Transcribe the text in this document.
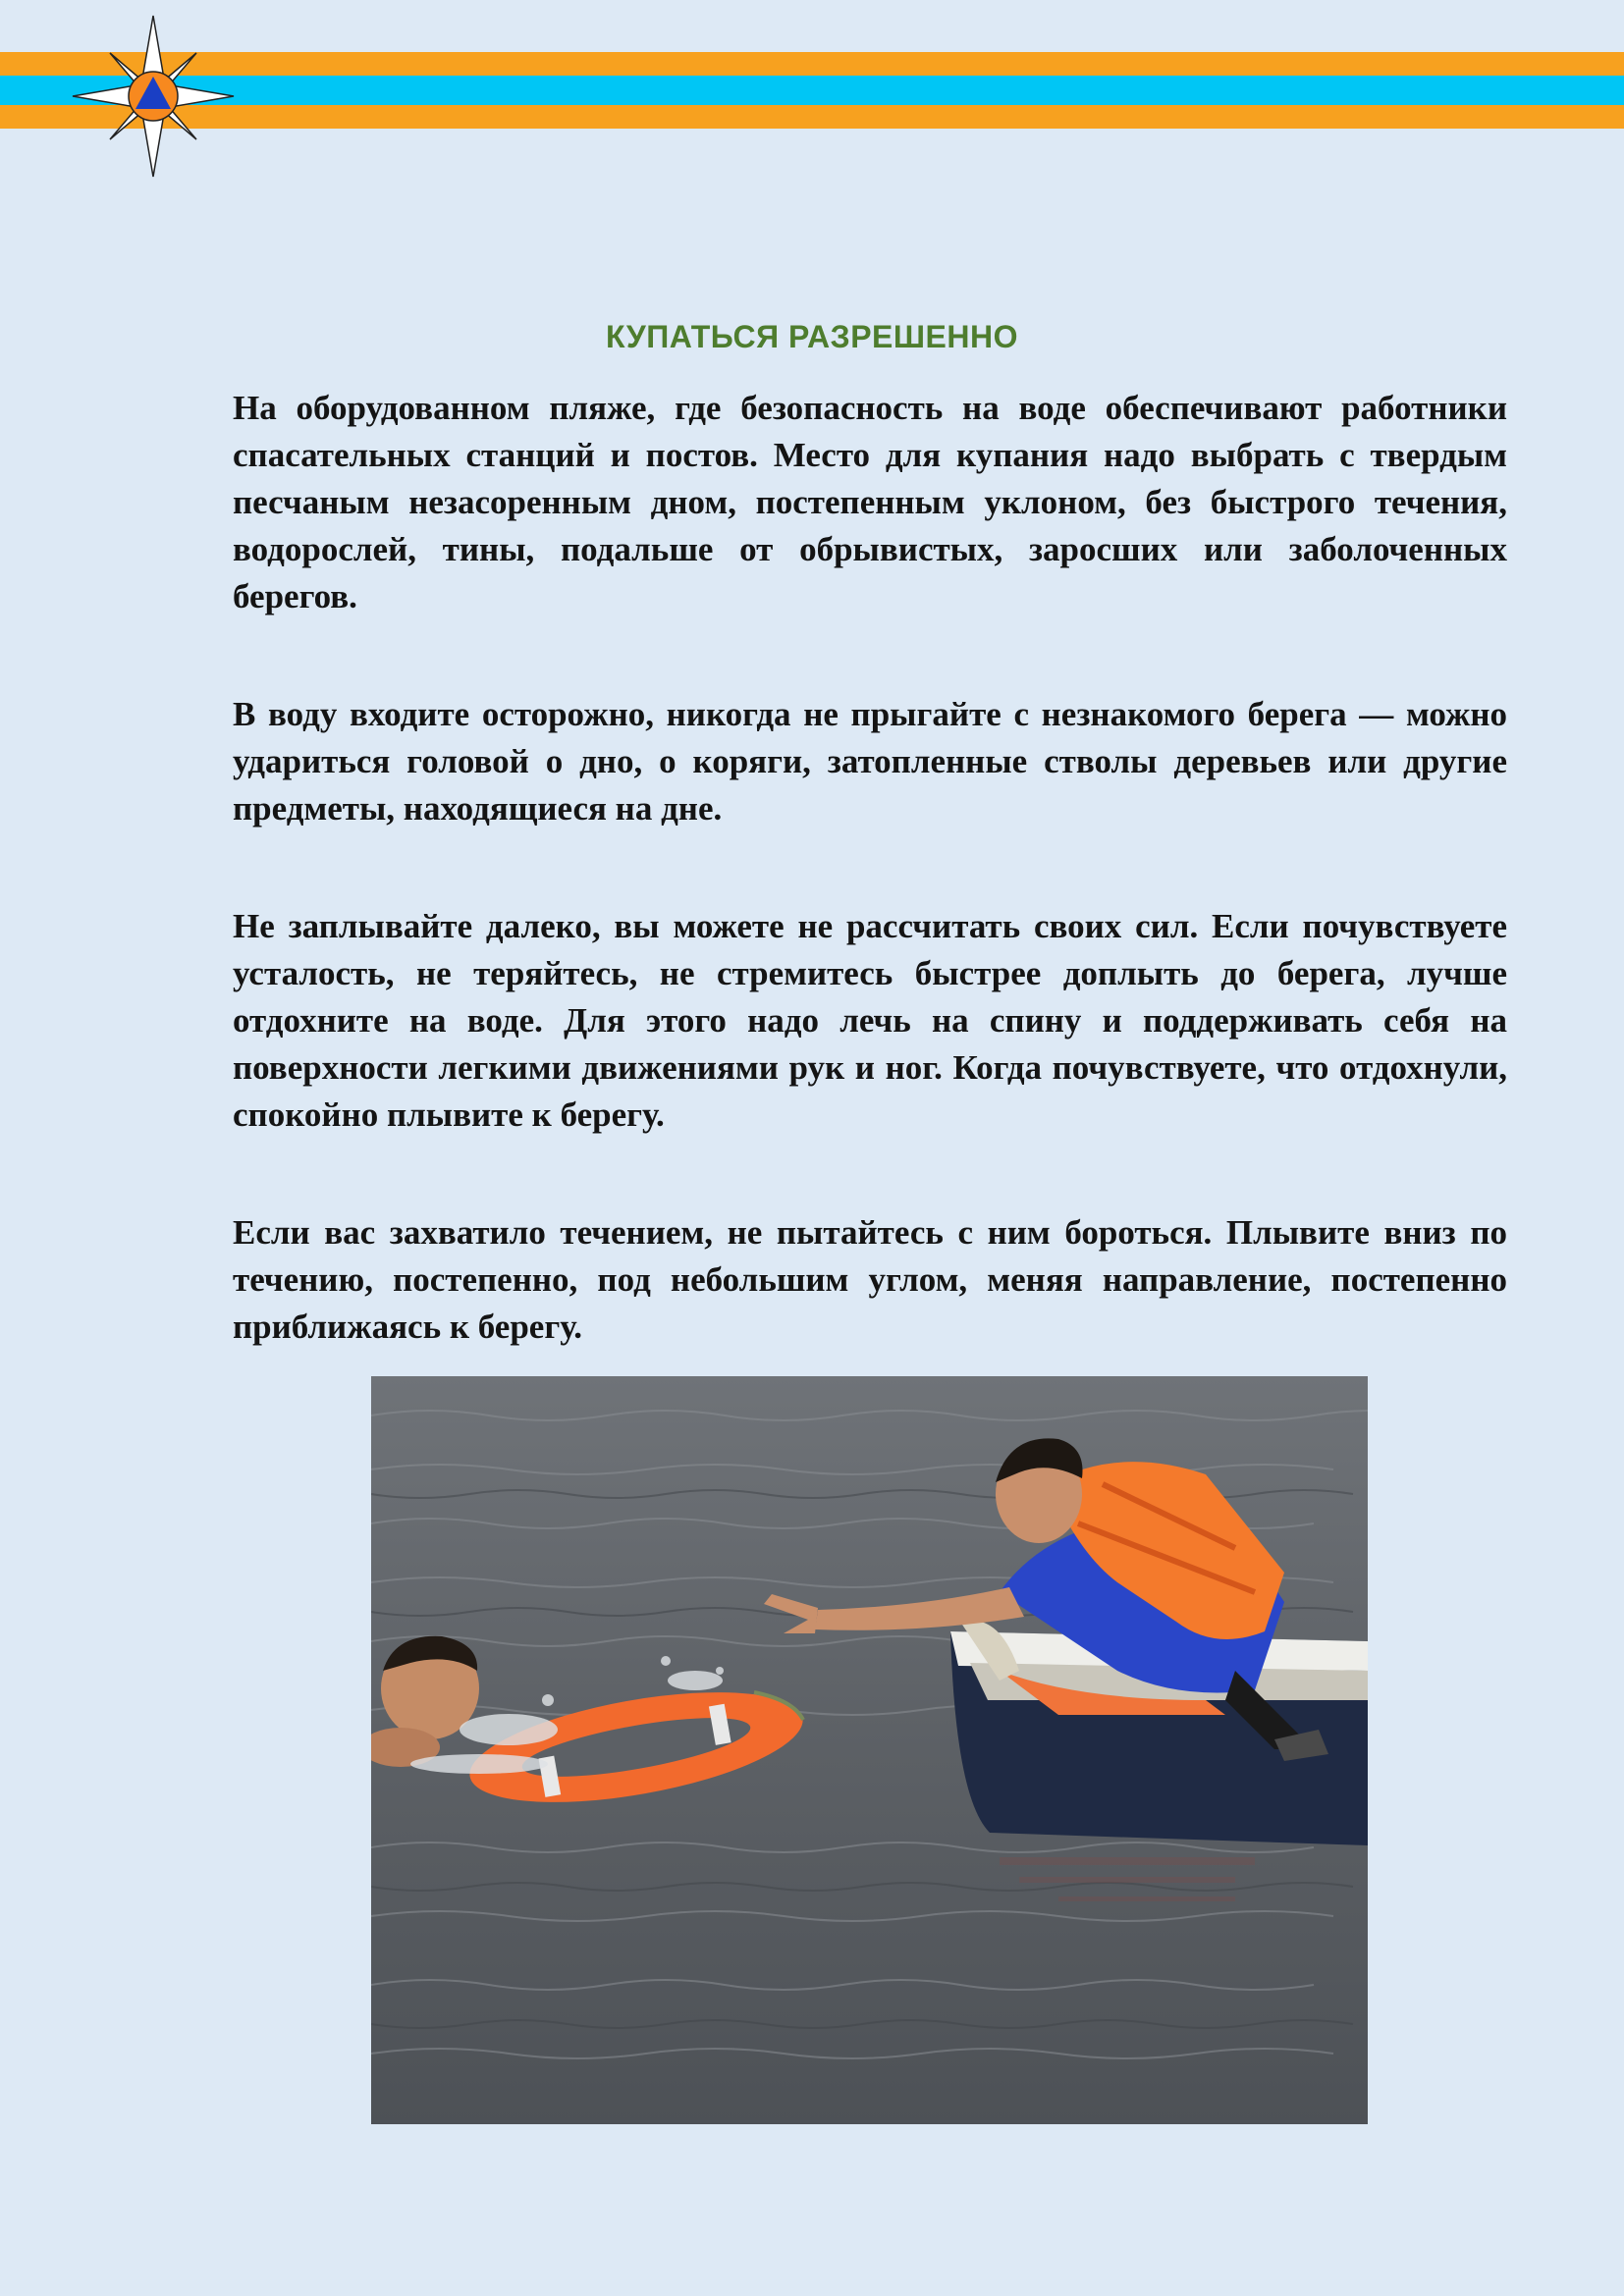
КУПАТЬСЯ РАЗРЕШЕННО

На оборудованном пляже, где безопасность на воде обеспечивают работники спасательных станций и постов. Место для купания надо выбрать с твердым песчаным незасоренным дном, постепенным уклоном, без быстрого течения, водорослей, тины, подальше от обрывистых, заросших или заболоченных берегов.

В воду входите осторожно, никогда не прыгайте с незнакомого берега — можно удариться головой о дно, о коряги, затопленные стволы деревьев или другие предметы, находящиеся на дне.

Не заплывайте далеко, вы можете не рассчитать своих сил. Если почувствуете усталость, не теряйтесь, не стремитесь быстрее доплыть до берега, лучше отдохните на воде. Для этого надо лечь на спину и поддерживать себя на поверхности легкими движениями рук и ног. Когда почувствуете, что отдохнули, спокойно плывите к берегу.

Если вас захватило течением, не пытайтесь с ним бороться. Плывите вниз по течению, постепенно, под небольшим углом, меняя направление, постепенно приближаясь к берегу.
